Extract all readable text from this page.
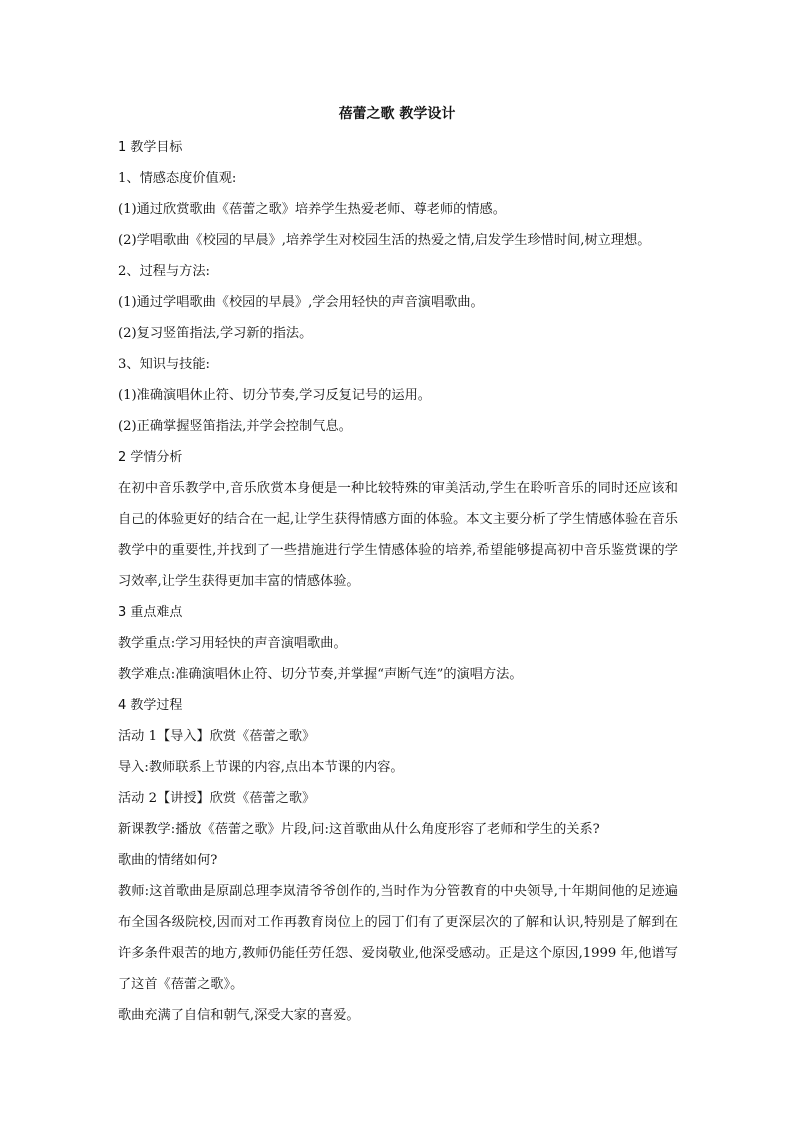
蓓蕾之歌 教学设计
1 教学目标
1、情感态度价值观:
(1)通过欣赏歌曲《蓓蕾之歌》培养学生热爱老师、尊老师的情感。
(2)学唱歌曲《校园的早晨》,培养学生对校园生活的热爱之情,启发学生珍惜时间,树立理想。
2、过程与方法:
(1)通过学唱歌曲《校园的早晨》,学会用轻快的声音演唱歌曲。
(2)复习竖笛指法,学习新的指法。
3、知识与技能:
(1)准确演唱休止符、切分节奏,学习反复记号的运用。
(2)正确掌握竖笛指法,并学会控制气息。
2 学情分析
在初中音乐教学中,音乐欣赏本身便是一种比较特殊的审美活动,学生在聆听音乐的同时还应该和自己的体验更好的结合在一起,让学生获得情感方面的体验。本文主要分析了学生情感体验在音乐教学中的重要性,并找到了一些措施进行学生情感体验的培养,希望能够提高初中音乐鉴赏课的学习效率,让学生获得更加丰富的情感体验。
3 重点难点
教学重点:学习用轻快的声音演唱歌曲。
教学难点:准确演唱休止符、切分节奏,并掌握“声断气连”的演唱方法。
4 教学过程
活动 1【导入】欣赏《蓓蕾之歌》
导入:教师联系上节课的内容,点出本节课的内容。
活动 2【讲授】欣赏《蓓蕾之歌》
新课教学:播放《蓓蕾之歌》片段,问:这首歌曲从什么角度形容了老师和学生的关系?
歌曲的情绪如何?
教师:这首歌曲是原副总理李岚清爷爷创作的,当时作为分管教育的中央领导,十年期间他的足迹遍布全国各级院校,因而对工作再教育岗位上的园丁们有了更深层次的了解和认识,特别是了解到在许多条件艰苦的地方,教师仍能任劳任怨、爱岗敬业,他深受感动。正是这个原因,1999 年,他谱写了这首《蓓蕾之歌》。
歌曲充满了自信和朝气,深受大家的喜爱。
